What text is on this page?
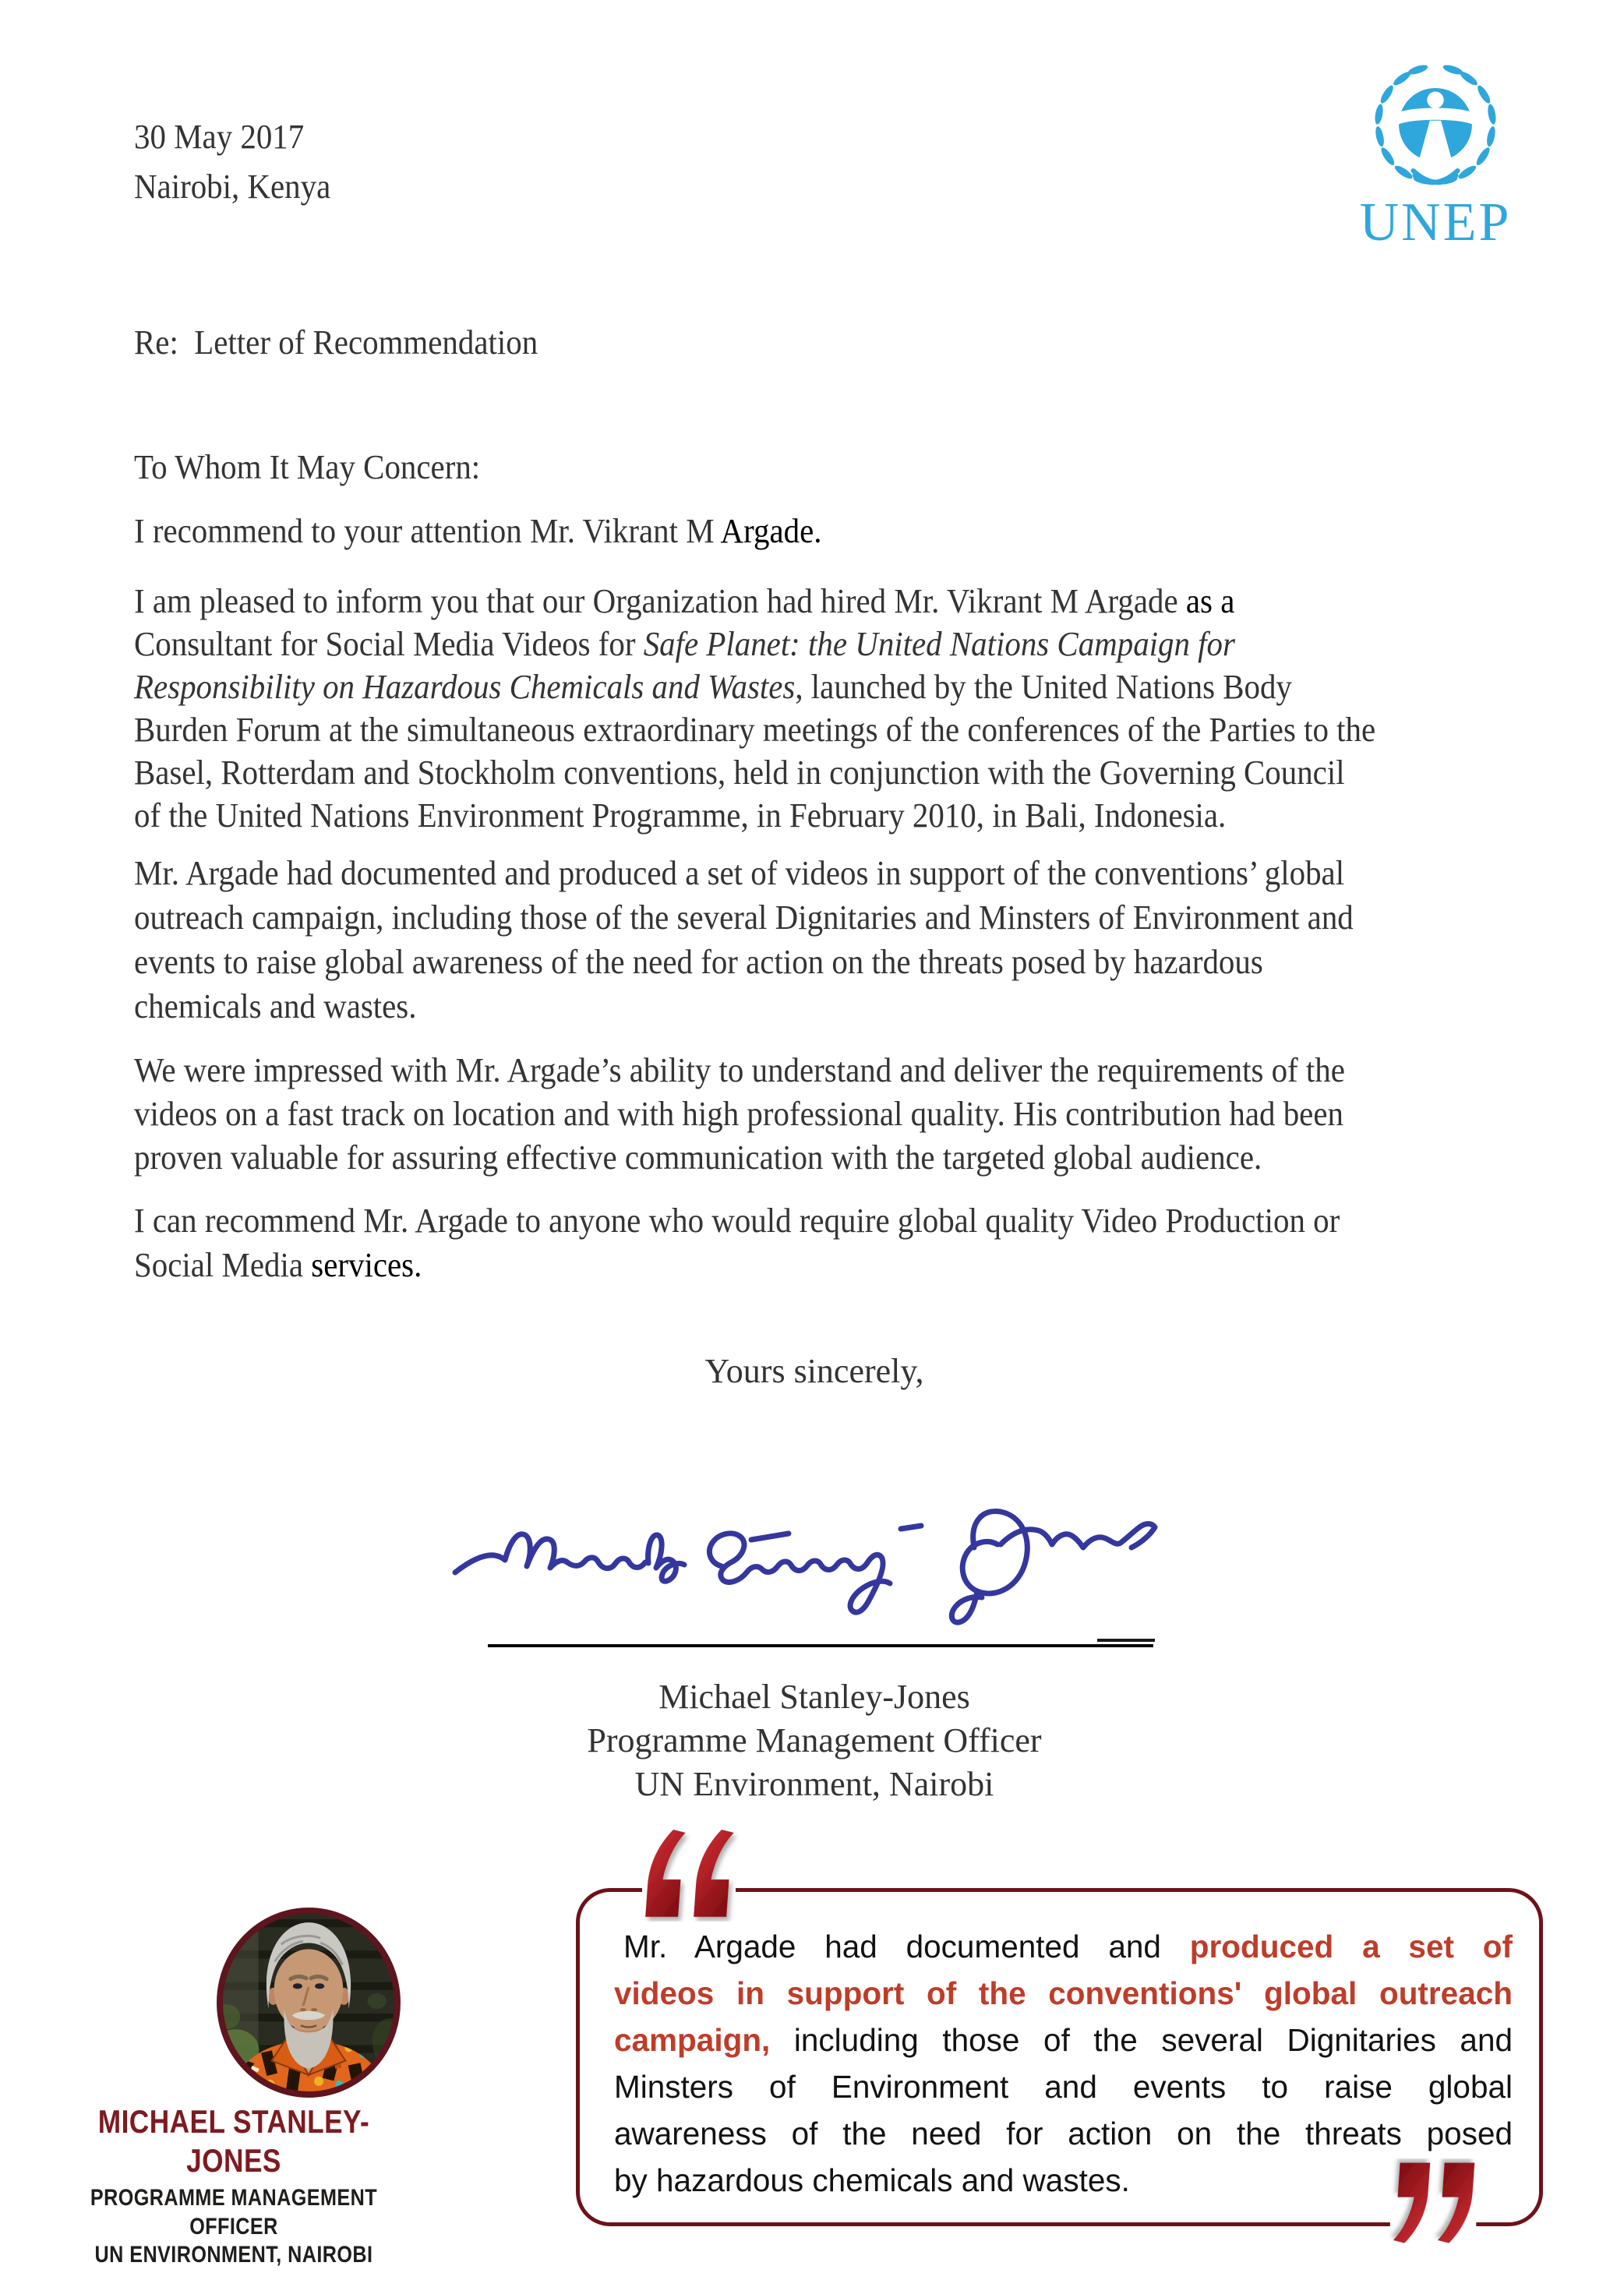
UNEP
30 May 2017
Nairobi, Kenya
Re:  Letter of Recommendation
To Whom It May Concern:
I recommend to your attention Mr. Vikrant M Argade.
I am pleased to inform you that our Organization had hired Mr. Vikrant M Argade as a
Consultant for Social Media Videos for Safe Planet: the United Nations Campaign for
Responsibility on Hazardous Chemicals and Wastes, launched by the United Nations Body
Burden Forum at the simultaneous extraordinary meetings of the conferences of the Parties to the
Basel, Rotterdam and Stockholm conventions, held in conjunction with the Governing Council
of the United Nations Environment Programme, in February 2010, in Bali, Indonesia.
Mr. Argade had documented and produced a set of videos in support of the conventions’ global
outreach campaign, including those of the several Dignitaries and Minsters of Environment and
events to raise global awareness of the need for action on the threats posed by hazardous
chemicals and wastes.
We were impressed with Mr. Argade’s ability to understand and deliver the requirements of the
videos on a fast track on location and with high professional quality. His contribution had been
proven valuable for assuring effective communication with the targeted global audience.
I can recommend Mr. Argade to anyone who would require global quality Video Production or
Social Media services.
Yours sincerely,
Michael Stanley-Jones
Programme Management Officer
UN Environment, Nairobi
MICHAEL STANLEY-JONES
PROGRAMME MANAGEMENT OFFICER
UN ENVIRONMENT, NAIROBI
Mr. Argade had documented and produced a set of
videos in support of the conventions' global outreach
campaign, including those of the several Dignitaries and
Minsters of Environment and events to raise global
awareness of the need for action on the threats posed
by hazardous chemicals and wastes.
